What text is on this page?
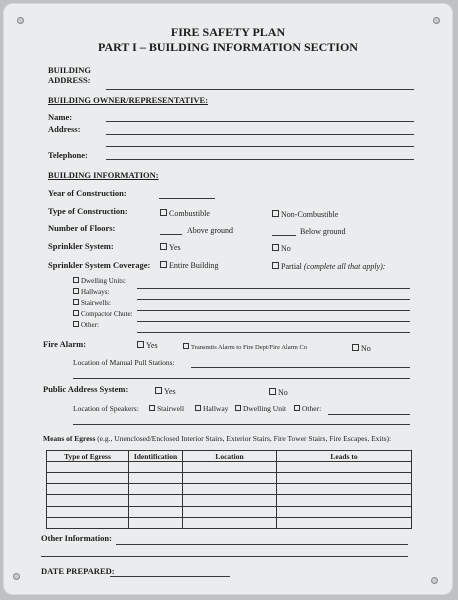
FIRE SAFETY PLAN
PART I – BUILDING INFORMATION SECTION
BUILDING
ADDRESS:
BUILDING OWNER/REPRESENTATIVE:
Name:
Address:
Telephone:
BUILDING INFORMATION:
Year of Construction:
Type of Construction:	Combustible	Non-Combustible
Number of Floors:	Above ground	Below ground
Sprinkler System:	Yes	No
Sprinkler System Coverage:	Entire Building	Partial (complete all that apply):
Dwelling Units:
Hallways:
Stairwells:
Compactor Chute:
Other:
Fire Alarm:	Yes	Transmits Alarm to Fire Dept/Fire Alarm Co	No
Location of Manual Pull Stations:
Public Address System:	Yes	No
Location of Speakers:	Stairwell	Hallway	Dwelling Unit	Other:
Means of Egress (e.g., Unenclosed/Enclosed Interior Stairs, Exterior Stairs, Fire Tower Stairs, Fire Escapes, Exits):
Type of Egress	Identification	Location	Leads to

Other Information:
DATE PREPARED:
